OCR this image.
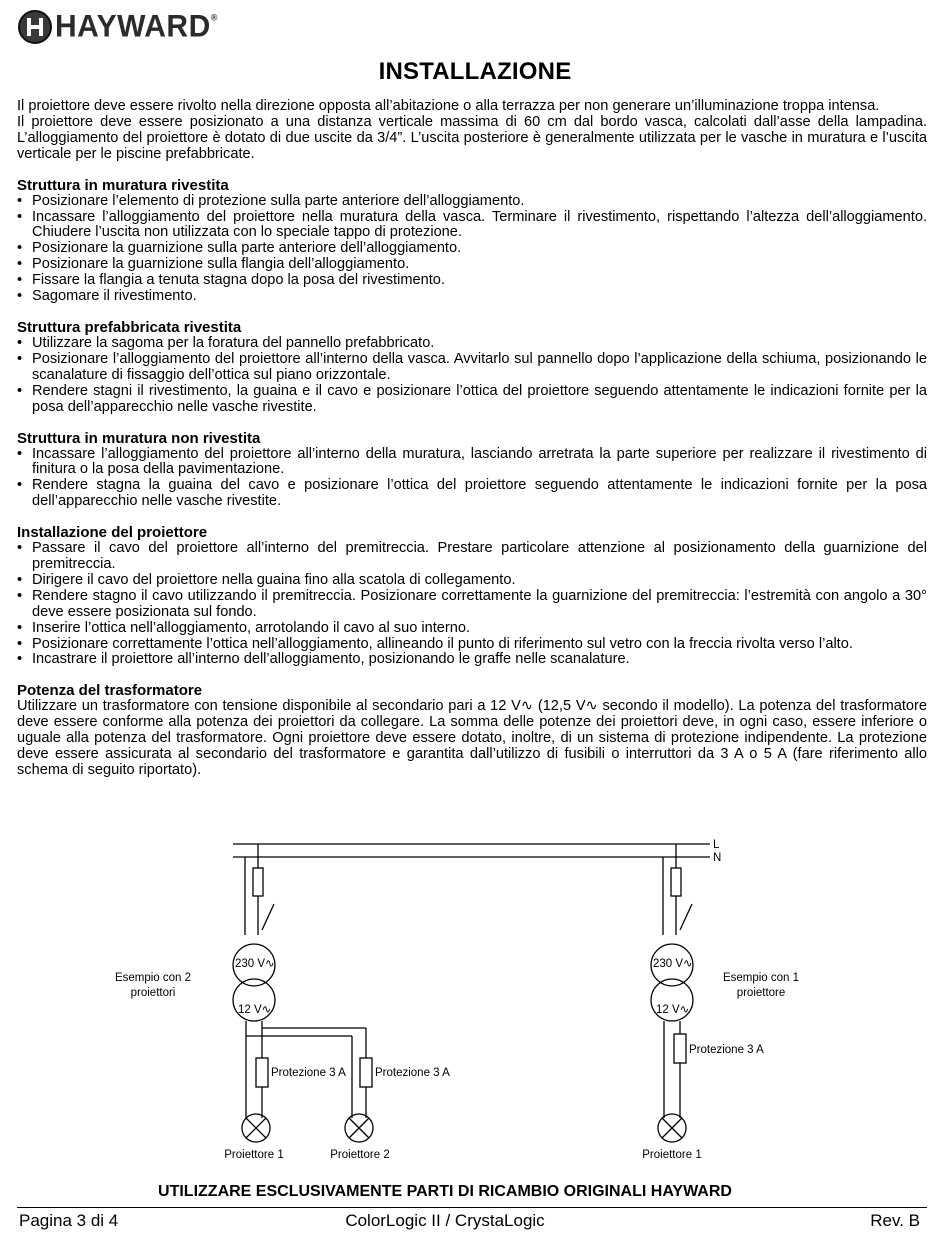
HAYWARD®
INSTALLAZIONE

Il proiettore deve essere rivolto nella direzione opposta all’abitazione o alla terrazza per non generare un’illuminazione troppa intensa.

Il proiettore deve essere posizionato a una distanza verticale massima di 60 cm dal bordo vasca, calcolati dall’asse della lampadina. L’alloggiamento del proiettore è dotato di due uscite da 3/4”. L’uscita posteriore è generalmente utilizzata per le vasche in muratura e l’uscita verticale per le piscine prefabbricate.

Struttura in muratura rivestita
• Posizionare l’elemento di protezione sulla parte anteriore dell’alloggiamento.
• Incassare l’alloggiamento del proiettore nella muratura della vasca. Terminare il rivestimento, rispettando l’altezza dell’alloggiamento. Chiudere l’uscita non utilizzata con lo speciale tappo di protezione.
• Posizionare la guarnizione sulla parte anteriore dell’alloggiamento.
• Posizionare la guarnizione sulla flangia dell’alloggiamento.
• Fissare la flangia a tenuta stagna dopo la posa del rivestimento.
• Sagomare il rivestimento.
Struttura prefabbricata rivestita
• Utilizzare la sagoma per la foratura del pannello prefabbricato.
• Posizionare l’alloggiamento del proiettore all’interno della vasca. Avvitarlo sul pannello dopo l’applicazione della schiuma, posizionando le scanalature di fissaggio dell’ottica sul piano orizzontale.
• Rendere stagni il rivestimento, la guaina e il cavo e posizionare l’ottica del proiettore seguendo attentamente le indicazioni fornite per la posa dell’apparecchio nelle vasche rivestite.
Struttura in muratura non rivestita
• Incassare l’alloggiamento del proiettore all’interno della muratura, lasciando arretrata la parte superiore per realizzare il rivestimento di finitura o la posa della pavimentazione.
• Rendere stagna la guaina del cavo e posizionare l’ottica del proiettore seguendo attentamente le indicazioni fornite per la posa dell’apparecchio nelle vasche rivestite.
Installazione del proiettore
• Passare il cavo del proiettore all’interno del premitreccia. Prestare particolare attenzione al posizionamento della guarnizione del premitreccia.
• Dirigere il cavo del proiettore nella guaina fino alla scatola di collegamento.
• Rendere stagno il cavo utilizzando il premitreccia. Posizionare correttamente la guarnizione del premitreccia: l’estremità con angolo a 30° deve essere posizionata sul fondo.
• Inserire l’ottica nell’alloggiamento, arrotolando il cavo al suo interno.
• Posizionare correttamente l’ottica nell’alloggiamento, allineando il punto di riferimento sul vetro con la freccia rivolta verso l’alto.
• Incastrare il proiettore all’interno dell’alloggiamento, posizionando le graffe nelle scanalature.
Potenza del trasformatore

Utilizzare un trasformatore con tensione disponibile al secondario pari a 12 V∿ (12,5 V∿ secondo il modello). La potenza del trasformatore deve essere conforme alla potenza dei proiettori da collegare. La somma delle potenze dei proiettori deve, in ogni caso, essere inferiore o uguale alla potenza del trasformatore. Ogni proiettore deve essere dotato, inoltre, di un sistema di protezione indipendente. La protezione deve essere assicurata al secondario del trasformatore e garantita dall’utilizzo di fusibili o interruttori da 3 A o 5 A (fare riferimento allo schema di seguito riportato).

L
N
Esempio con 2
proiettori
Esempio con 1
proiettore
230 V∿
12 V∿
230 V∿
12 V∿
Protezione 3 A	Protezione 3 A
Protezione 3 A
Proiettore 1	Proiettore 2	Proiettore 1
UTILIZZARE ESCLUSIVAMENTE PARTI DI RICAMBIO ORIGINALI HAYWARD
Pagina 3 di 4	ColorLogic II / CrystaLogic	Rev. B
